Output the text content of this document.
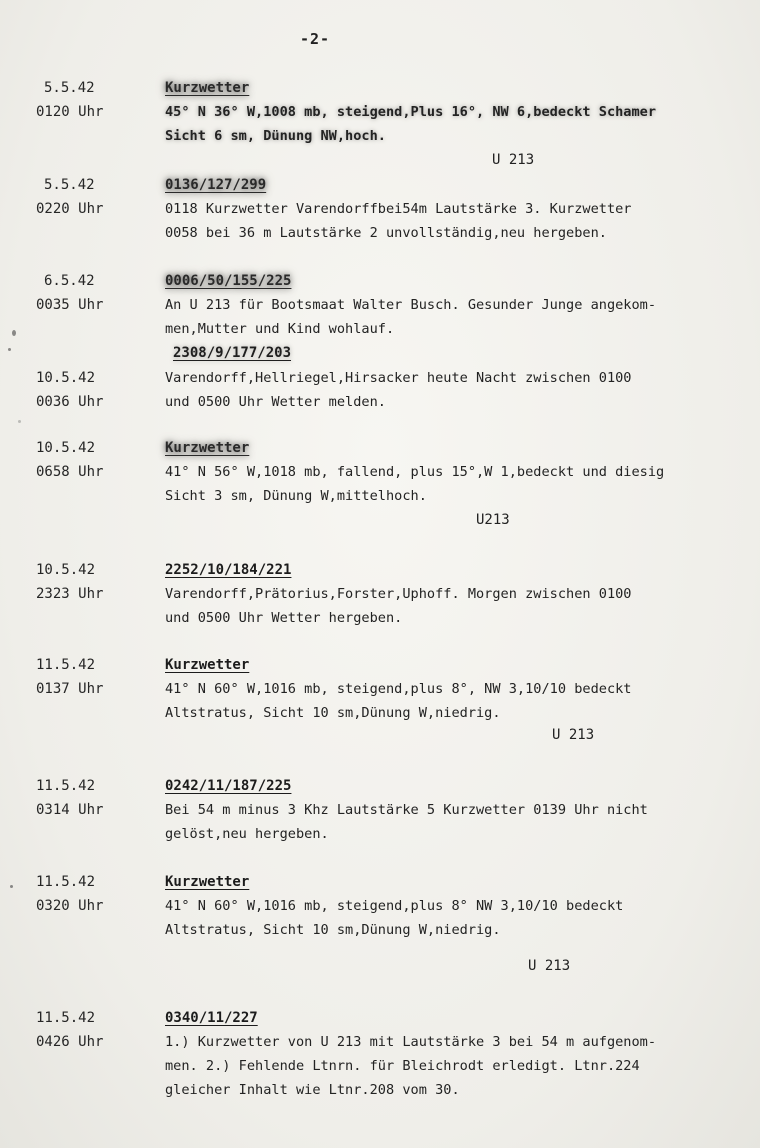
-2-
5.5.42
0120 Uhr
Kurzwetter
45° N 36° W,1008 mb, steigend,Plus 16°, NW 6,bedeckt Schamer
Sicht 6 sm, Dünung NW,hoch.
U 213
5.5.42
0220 Uhr
0136/127/299
0118 Kurzwetter Varendorffbei54m Lautstärke 3. Kurzwetter
0058 bei 36 m Lautstärke 2 unvollständig,neu hergeben.
6.5.42
0035 Uhr
0006/50/155/225
An U 213 für Bootsmaat Walter Busch. Gesunder Junge angekom-
men,Mutter und Kind wohlauf.
2308/9/177/203
10.5.42
0036 Uhr
Varendorff,Hellriegel,Hirsacker heute Nacht zwischen 0100
und 0500 Uhr Wetter melden.
10.5.42
0658 Uhr
Kurzwetter
41° N 56° W,1018 mb, fallend, plus 15°,W 1,bedeckt und diesig
Sicht 3 sm, Dünung W,mittelhoch.
U213
10.5.42
2323 Uhr
2252/10/184/221
Varendorff,Prätorius,Forster,Uphoff. Morgen zwischen 0100
und 0500 Uhr Wetter hergeben.
11.5.42
0137 Uhr
Kurzwetter
41° N 60° W,1016 mb, steigend,plus 8°, NW 3,10/10 bedeckt
Altstratus, Sicht 10 sm,Dünung W,niedrig.
U 213
11.5.42
0314 Uhr
0242/11/187/225
Bei 54 m minus 3 Khz Lautstärke 5 Kurzwetter 0139 Uhr nicht
gelöst,neu hergeben.
11.5.42
0320 Uhr
Kurzwetter
41° N 60° W,1016 mb, steigend,plus 8° NW 3,10/10 bedeckt
Altstratus, Sicht 10 sm,Dünung W,niedrig.
U 213
11.5.42
0426 Uhr
0340/11/227
1.) Kurzwetter von U 213 mit Lautstärke 3 bei 54 m aufgenom-
men. 2.) Fehlende Ltnrn. für Bleichrodt erledigt. Ltnr.224
gleicher Inhalt wie Ltnr.208 vom 30.
